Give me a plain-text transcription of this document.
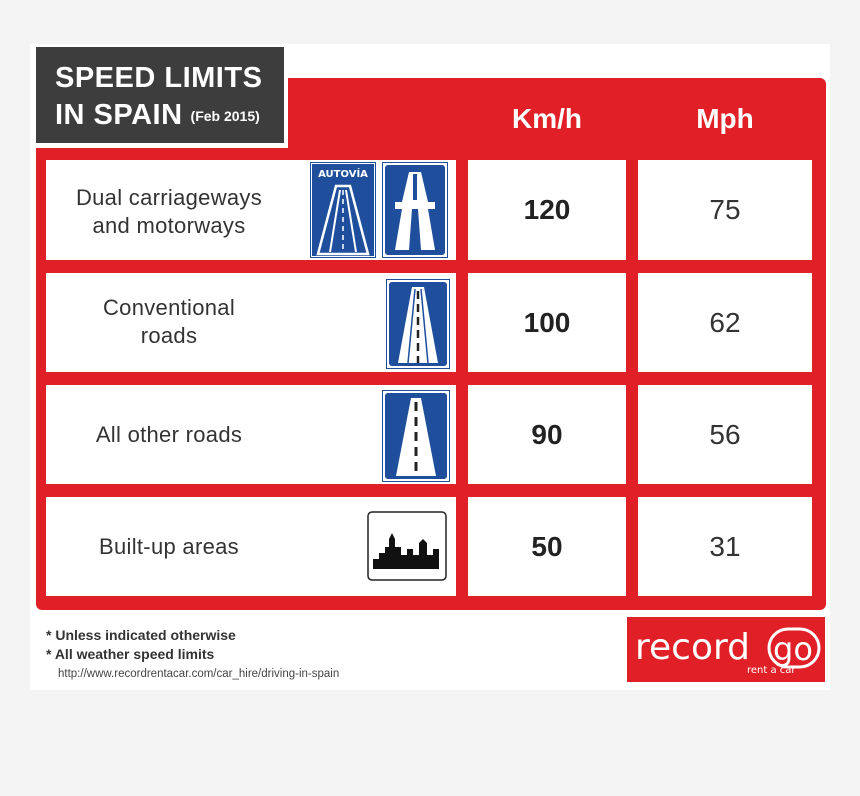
SPEED LIMITS
IN SPAIN (Feb 2015)	Km/h	Mph
Dual carriageways
and motorways
AUTOVÍA
120	75
Conventional
roads	100	62
All other roads	90	56
Built-up areas	50	31
* Unless indicated otherwise
* All weather speed limits
http://www.recordrentacar.com/car_hire/driving-in-spain
record go
rent a car
